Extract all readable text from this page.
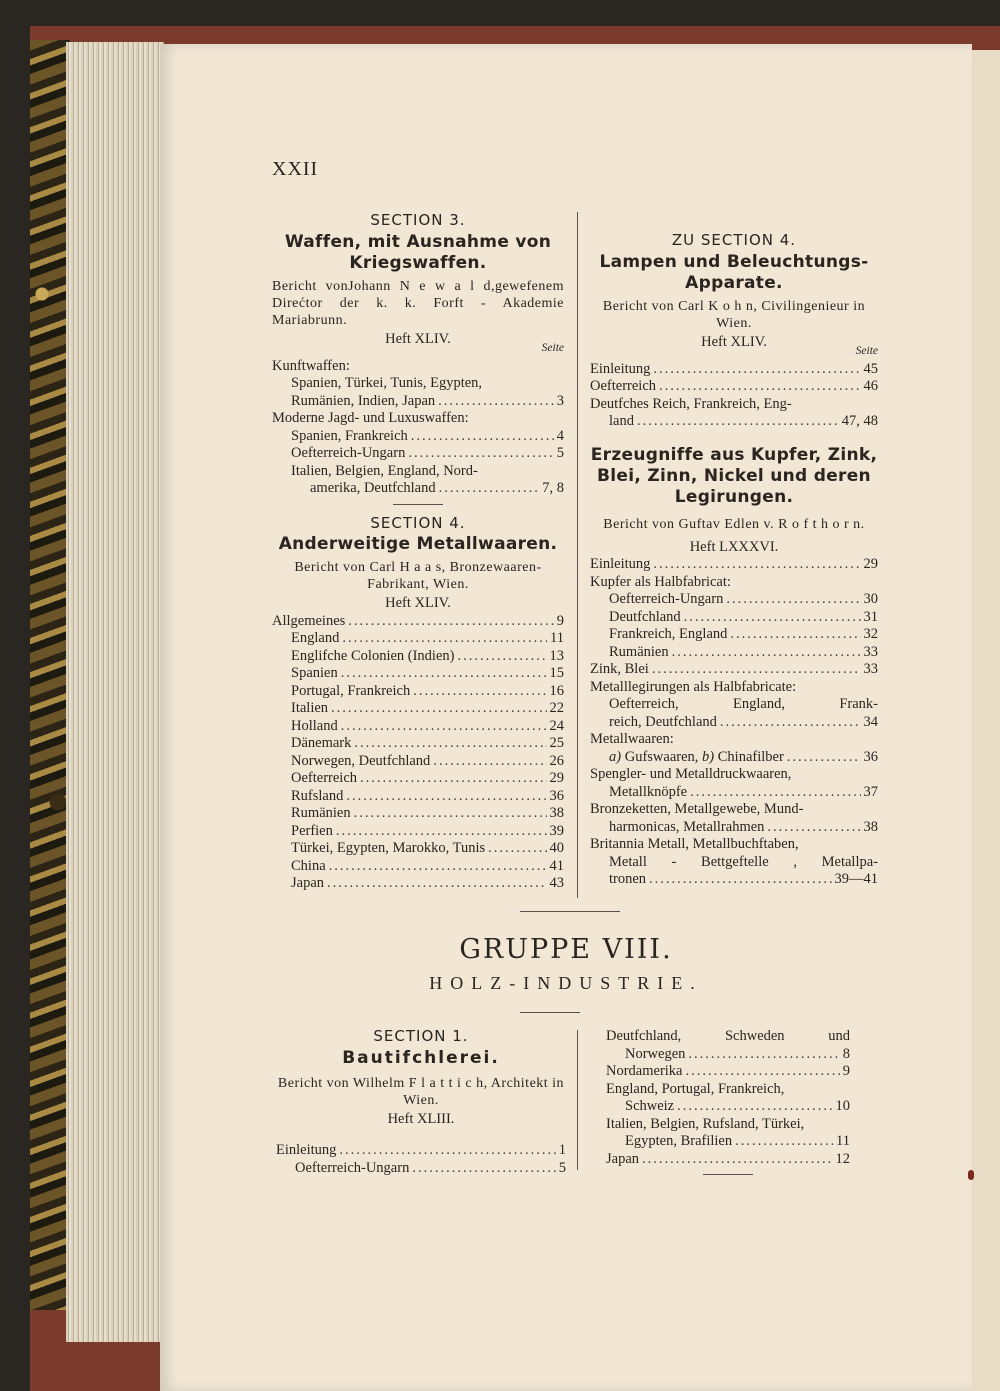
XXII
SECTION 3.
Waffen, mit Ausnahme von Kriegswaffen.
Bericht vonJohann N e w a l d,gewefenem Direćtor der k. k. Forft - Akademie Mariabrunn.
Heft XLIV.
Seite
Kunftwaffen:
Spanien, Türkei, Tunis, Egypten,
Rumänien, Indien, Japan .....	3
Moderne Jagd- und Luxuswaffen:
Spanien, Frankreich .....	4
Oefterreich-Ungarn .....	5
Italien, Belgien, England, Nord-
amerika, Deutfchland .....	7, 8
SECTION 4.
Anderweitige Metallwaaren.
Bericht von Carl H a a s, Bronzewaaren-Fabrikant, Wien.
Heft XLIV.
Allgemeines .....	9
England .....	11
Englifche Colonien (Indien) .....	13
Spanien .....	15
Portugal, Frankreich .....	16
Italien .....	22
Holland .....	24
Dänemark .....	25
Norwegen, Deutfchland .....	26
Oefterreich .....	29
Rufsland .....	36
Rumänien .....	38
Perfien .....	39
Türkei, Egypten, Marokko, Tunis .....	40
China .....	41
Japan .....	43
ZU SECTION 4.
Lampen und Beleuchtungs-Apparate.
Bericht von Carl K o h n, Civilingenieur in Wien.
Heft XLIV.
Seite
Einleitung .....	45
Oefterreich .....	46
Deutfches Reich, Frankreich, Eng-
land .....	47, 48
Erzeugniffe aus Kupfer, Zink, Blei, Zinn, Nickel und deren Legirungen.
Bericht von Guftav Edlen v. R o f t h o r n.
Heft LXXXVI.
Einleitung .....	29
Kupfer als Halbfabricat:
Oefterreich-Ungarn .....	30
Deutfchland .....	31
Frankreich, England .....	32
Rumänien .....	33
Zink, Blei .....	33
Metalllegirungen als Halbfabricate:
Oefterreich, England, Frank-
reich, Deutfchland .....	34
Metallwaaren:
a) Gufswaaren, b) Chinafilber .....	36
Spengler- und Metalldruckwaaren,
Metallknöpfe .....	37
Bronzeketten, Metallgewebe, Mund-
harmonicas, Metallrahmen .....	38
Britannia Metall, Metallbuchftaben,
Metall - Bettgeftelle , Metallpa-
tronen .....	39—41
GRUPPE VIII.
HOLZ-INDUSTRIE.
SECTION 1.
Bautifchlerei.
Bericht von Wilhelm F l a t t i c h, Architekt in Wien.
Heft XLIII.
Einleitung .....	1
Oefterreich-Ungarn .....	5
Deutfchland, Schweden und
Norwegen .....	8
Nordamerika .....	9
England, Portugal, Frankreich,
Schweiz .....	10
Italien, Belgien, Rufsland, Türkei,
Egypten, Brafilien .....	11
Japan .....	12
